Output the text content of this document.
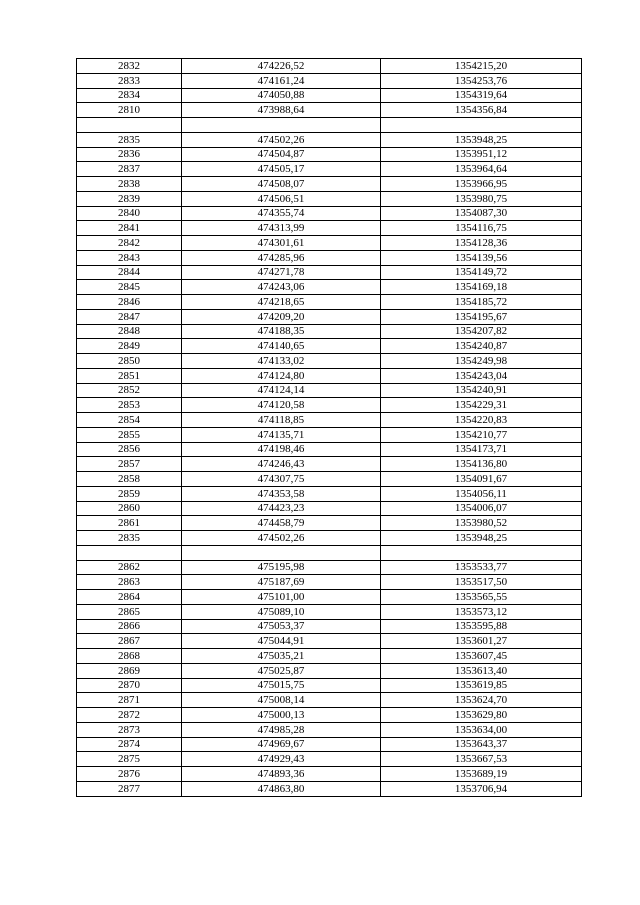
2832	474226,52	1354215,20
2833	474161,24	1354253,76
2834	474050,88	1354319,64
2810	473988,64	1354356,84

2835	474502,26	1353948,25
2836	474504,87	1353951,12
2837	474505,17	1353964,64
2838	474508,07	1353966,95
2839	474506,51	1353980,75
2840	474355,74	1354087,30
2841	474313,99	1354116,75
2842	474301,61	1354128,36
2843	474285,96	1354139,56
2844	474271,78	1354149,72
2845	474243,06	1354169,18
2846	474218,65	1354185,72
2847	474209,20	1354195,67
2848	474188,35	1354207,82
2849	474140,65	1354240,87
2850	474133,02	1354249,98
2851	474124,80	1354243,04
2852	474124,14	1354240,91
2853	474120,58	1354229,31
2854	474118,85	1354220,83
2855	474135,71	1354210,77
2856	474198,46	1354173,71
2857	474246,43	1354136,80
2858	474307,75	1354091,67
2859	474353,58	1354056,11
2860	474423,23	1354006,07
2861	474458,79	1353980,52
2835	474502,26	1353948,25

2862	475195,98	1353533,77
2863	475187,69	1353517,50
2864	475101,00	1353565,55
2865	475089,10	1353573,12
2866	475053,37	1353595,88
2867	475044,91	1353601,27
2868	475035,21	1353607,45
2869	475025,87	1353613,40
2870	475015,75	1353619,85
2871	475008,14	1353624,70
2872	475000,13	1353629,80
2873	474985,28	1353634,00
2874	474969,67	1353643,37
2875	474929,43	1353667,53
2876	474893,36	1353689,19
2877	474863,80	1353706,94
